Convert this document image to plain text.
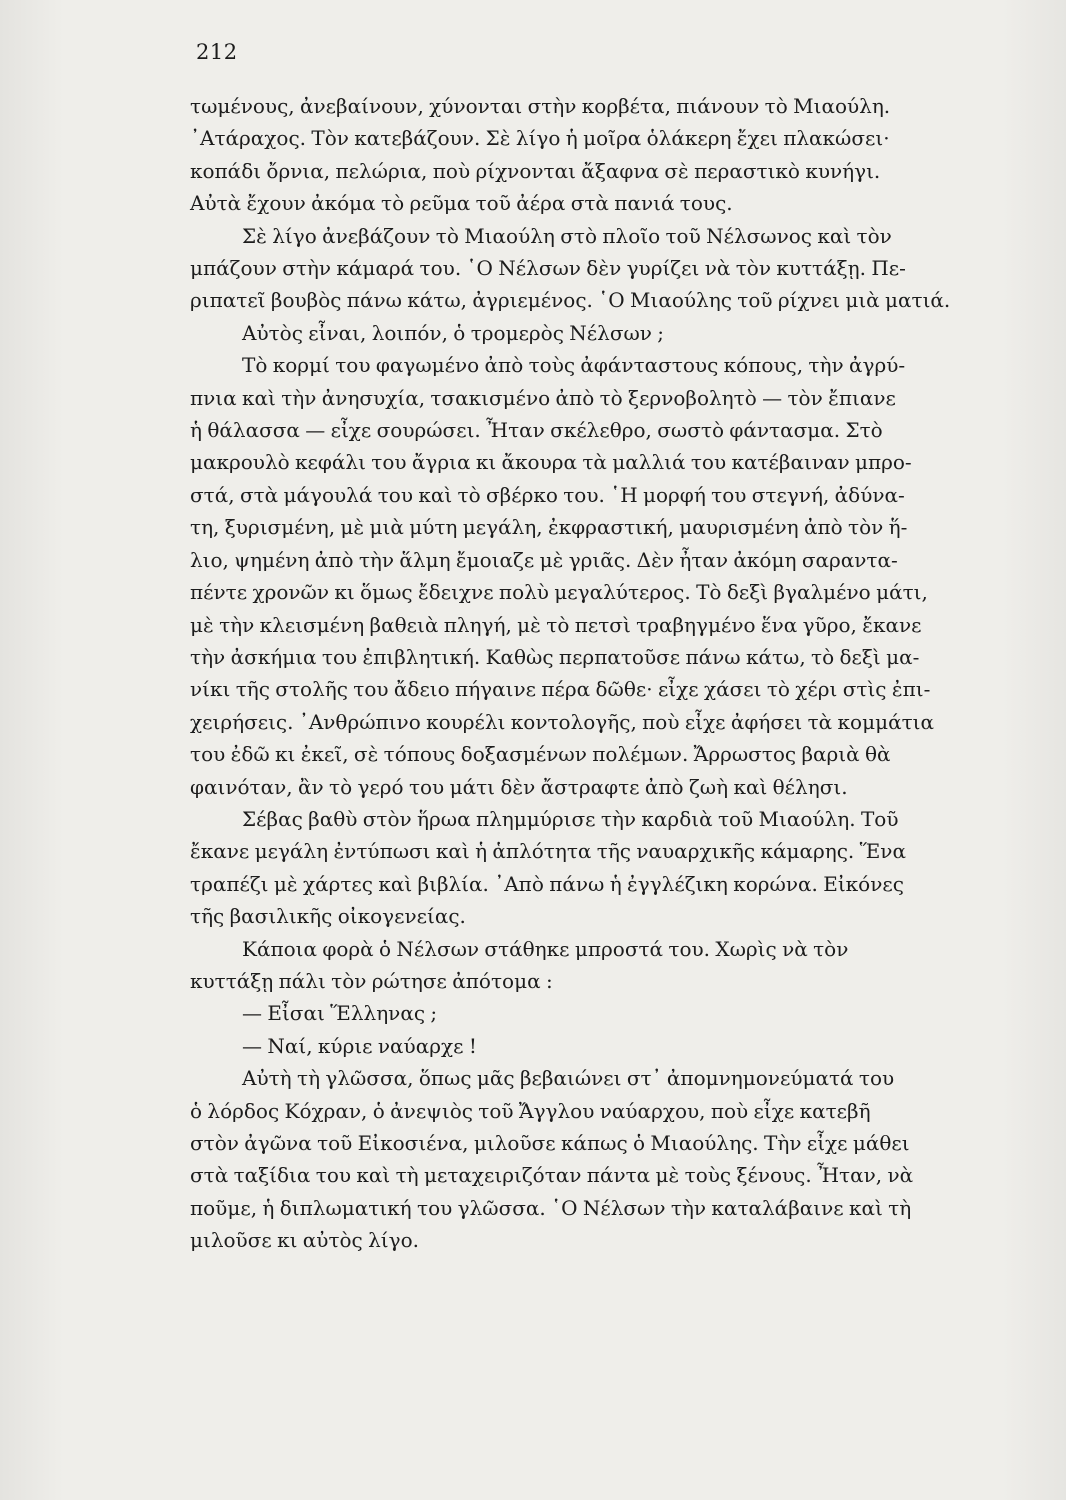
212
τωμένους, ἀνεβαίνουν, χύνονται στὴν κορβέτα, πιάνουν τὸ Μιαούλη.
᾿Ατάραχος. Τὸν κατεβάζουν. Σὲ λίγο ἡ μοῖρα ὁλάκερη ἔχει πλακώσει·
κοπάδι ὄρνια, πελώρια, ποὺ ρίχνονται ἄξαφνα σὲ περαστικὸ κυνήγι.
Αὐτὰ ἔχουν ἀκόμα τὸ ρεῦμα τοῦ ἀέρα στὰ πανιά τους.
Σὲ λίγο ἀνεβάζουν τὸ Μιαούλη στὸ πλοῖο τοῦ Νέλσωνος καὶ τὸν
μπάζουν στὴν κάμαρά του. ῾Ο Νέλσων δὲν γυρίζει νὰ τὸν κυττάξῃ. Πε-
ριπατεῖ βουβὸς πάνω κάτω, ἀγριεμένος. ῾Ο Μιαούλης τοῦ ρίχνει μιὰ ματιά.
Αὐτὸς εἶναι, λοιπόν, ὁ τρομερὸς Νέλσων ;
Τὸ κορμί του φαγωμένο ἀπὸ τοὺς ἀφάνταστους κόπους, τὴν ἀγρύ-
πνια καὶ τὴν ἀνησυχία, τσακισμένο ἀπὸ τὸ ξερνοβολητὸ — τὸν ἔπιανε
ἡ θάλασσα — εἶχε σουρώσει. Ἦταν σκέλεθρο, σωστὸ φάντασμα. Στὸ
μακρουλὸ κεφάλι του ἄγρια κι ἄκουρα τὰ μαλλιά του κατέβαιναν μπρο-
στά, στὰ μάγουλά του καὶ τὸ σβέρκο του. ῾Η μορφή του στεγνή, ἀδύνα-
τη, ξυρισμένη, μὲ μιὰ μύτη μεγάλη, ἐκφραστική, μαυρισμένη ἀπὸ τὸν ἥ-
λιο, ψημένη ἀπὸ τὴν ἅλμη ἔμοιαζε μὲ γριᾶς. Δὲν ἦταν ἀκόμη σαραντα-
πέντε χρονῶν κι ὅμως ἔδειχνε πολὺ μεγαλύτερος. Τὸ δεξὶ βγαλμένο μάτι,
μὲ τὴν κλεισμένη βαθειὰ πληγή, μὲ τὸ πετσὶ τραβηγμένο ἕνα γῦρο, ἔκανε
τὴν ἀσκήμια του ἐπιβλητική. Καθὼς περπατοῦσε πάνω κάτω, τὸ δεξὶ μα-
νίκι τῆς στολῆς του ἄδειο πήγαινε πέρα δῶθε· εἶχε χάσει τὸ χέρι στὶς ἐπι-
χειρήσεις. ᾿Ανθρώπινο κουρέλι κοντολογῆς, ποὺ εἶχε ἀφήσει τὰ κομμάτια
του ἐδῶ κι ἐκεῖ, σὲ τόπους δοξασμένων πολέμων. Ἄρρωστος βαριὰ θὰ
φαινόταν, ἂν τὸ γερό του μάτι δὲν ἄστραφτε ἀπὸ ζωὴ καὶ θέλησι.
Σέβας βαθὺ στὸν ἥρωα πλημμύρισε τὴν καρδιὰ τοῦ Μιαούλη. Τοῦ
ἔκανε μεγάλη ἐντύπωσι καὶ ἡ ἁπλότητα τῆς ναυαρχικῆς κάμαρης. Ἕνα
τραπέζι μὲ χάρτες καὶ βιβλία. ᾿Απὸ πάνω ἡ ἐγγλέζικη κορώνα. Εἰκόνες
τῆς βασιλικῆς οἰκογενείας.
Κάποια φορὰ ὁ Νέλσων στάθηκε μπροστά του. Χωρὶς νὰ τὸν
κυττάξῃ πάλι τὸν ρώτησε ἀπότομα :
— Εἶσαι Ἕλληνας ;
— Ναί, κύριε ναύαρχε !
Αὐτὴ τὴ γλῶσσα, ὅπως μᾶς βεβαιώνει στ᾿ ἀπομνημονεύματά του
ὁ λόρδος Κόχραν, ὁ ἀνεψιὸς τοῦ Ἄγγλου ναύαρχου, ποὺ εἶχε κατεβῆ
στὸν ἀγῶνα τοῦ Εἰκοσιένα, μιλοῦσε κάπως ὁ Μιαούλης. Τὴν εἶχε μάθει
στὰ ταξίδια του καὶ τὴ μεταχειριζόταν πάντα μὲ τοὺς ξένους. Ἦταν, νὰ
ποῦμε, ἡ διπλωματική του γλῶσσα. ῾Ο Νέλσων τὴν καταλάβαινε καὶ τὴ
μιλοῦσε κι αὐτὸς λίγο.
